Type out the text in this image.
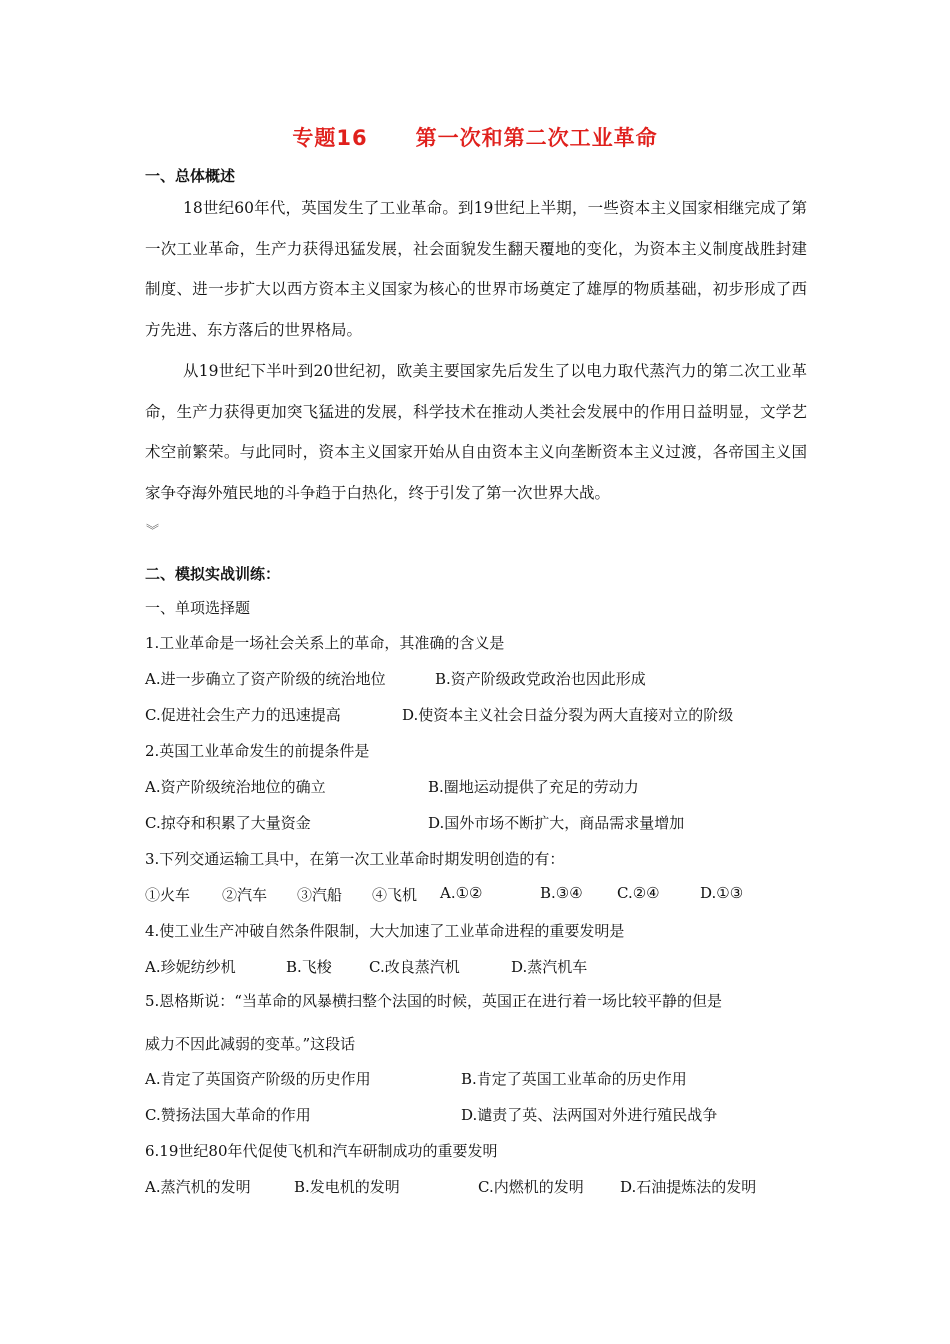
专题16 第一次和第二次工业革命
一、总体概述

18世纪60年代，英国发生了工业革命。到19世纪上半期，一些资本主义国家相继完成了第一次工业革命，生产力获得迅猛发展，社会面貌发生翻天覆地的变化，为资本主义制度战胜封建制度、进一步扩大以西方资本主义国家为核心的世界市场奠定了雄厚的物质基础，初步形成了西方先进、东方落后的世界格局。

从19世纪下半叶到20世纪初，欧美主要国家先后发生了以电力取代蒸汽力的第二次工业革命，生产力获得更加突飞猛进的发展，科学技术在推动人类社会发展中的作用日益明显，文学艺术空前繁荣。与此同时，资本主义国家开始从自由资本主义向垄断资本主义过渡，各帝国主义国家争夺海外殖民地的斗争趋于白热化，终于引发了第一次世界大战。

︾
二、模拟实战训练：
一、单项选择题
1.工业革命是一场社会关系上的革命，其准确的含义是
A.进一步确立了资产阶级的统治地位	B.资产阶级政党政治也因此形成
C.促进社会生产力的迅速提高	D.使资本主义社会日益分裂为两大直接对立的阶级
2.英国工业革命发生的前提条件是
A.资产阶级统治地位的确立	B.圈地运动提供了充足的劳动力
C.掠夺和积累了大量资金	D.国外市场不断扩大，商品需求量增加
3.下列交通运输工具中，在第一次工业革命时期发明创造的有：
①火车 ②汽车 ③汽船 ④飞机 A.①②	B.③④ C.②④	D.①③
4.使工业生产冲破自然条件限制，大大加速了工业革命进程的重要发明是
A.珍妮纺纱机	B.飞梭 C.改良蒸汽机	D.蒸汽机车
5.恩格斯说：“当革命的风暴横扫整个法国的时候，英国正在进行着一场比较平静的但是
威力不因此减弱的变革。”这段话
A.肯定了英国资产阶级的历史作用	B.肯定了英国工业革命的历史作用
C.赞扬法国大革命的作用	D.谴责了英、法两国对外进行殖民战争
6.19世纪80年代促使飞机和汽车研制成功的重要发明
A.蒸汽机的发明	B.发电机的发明	C.内燃机的发明 D.石油提炼法的发明
